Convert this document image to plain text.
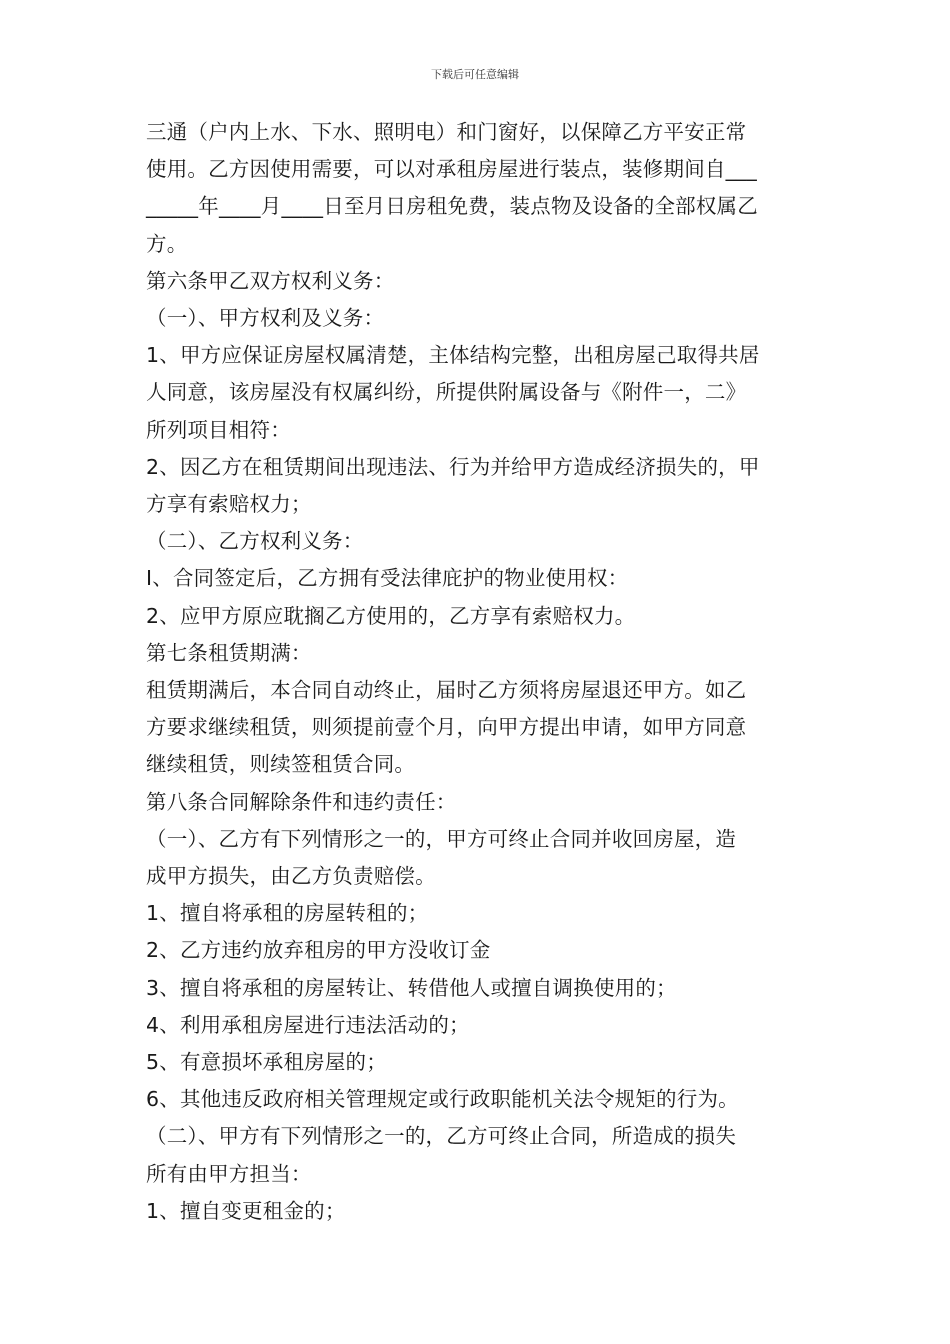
下载后可任意编辑
三通（户内上水、下水、照明电）和门窗好，以保障乙方平安正常
使用。乙方因使用需要，可以对承租房屋进行装点，装修期间自___
_____年____月____日至月日房租免费，装点物及设备的全部权属乙
方。
第六条甲乙双方权利义务：
（一）、甲方权利及义务：
1、甲方应保证房屋权属清楚，主体结构完整，出租房屋己取得共居
人同意，该房屋没有权属纠纷，所提供附属设备与《附件一，二》
所列项目相符：
2、因乙方在租赁期间出现违法、行为并给甲方造成经济损失的，甲
方享有索赔权力；
（二）、乙方权利义务：
I、合同签定后，乙方拥有受法律庇护的物业使用权：
2、应甲方原应耽搁乙方使用的，乙方享有索赔权力。
第七条租赁期满：
租赁期满后，本合同自动终止，届时乙方须将房屋退还甲方。如乙
方要求继续租赁，则须提前壹个月，向甲方提出申请，如甲方同意
继续租赁，则续签租赁合同。
第八条合同解除条件和违约责任：
（一）、乙方有下列情形之一的，甲方可终止合同并收回房屋，造
成甲方损失，由乙方负责赔偿。
1、擅自将承租的房屋转租的；
2、乙方违约放弃租房的甲方没收订金
3、擅自将承租的房屋转让、转借他人或擅自调换使用的；
4、利用承租房屋进行违法活动的；
5、有意损坏承租房屋的；
6、其他违反政府相关管理规定或行政职能机关法令规矩的行为。
（二）、甲方有下列情形之一的，乙方可终止合同，所造成的损失
所有由甲方担当：
1、擅自变更租金的；
